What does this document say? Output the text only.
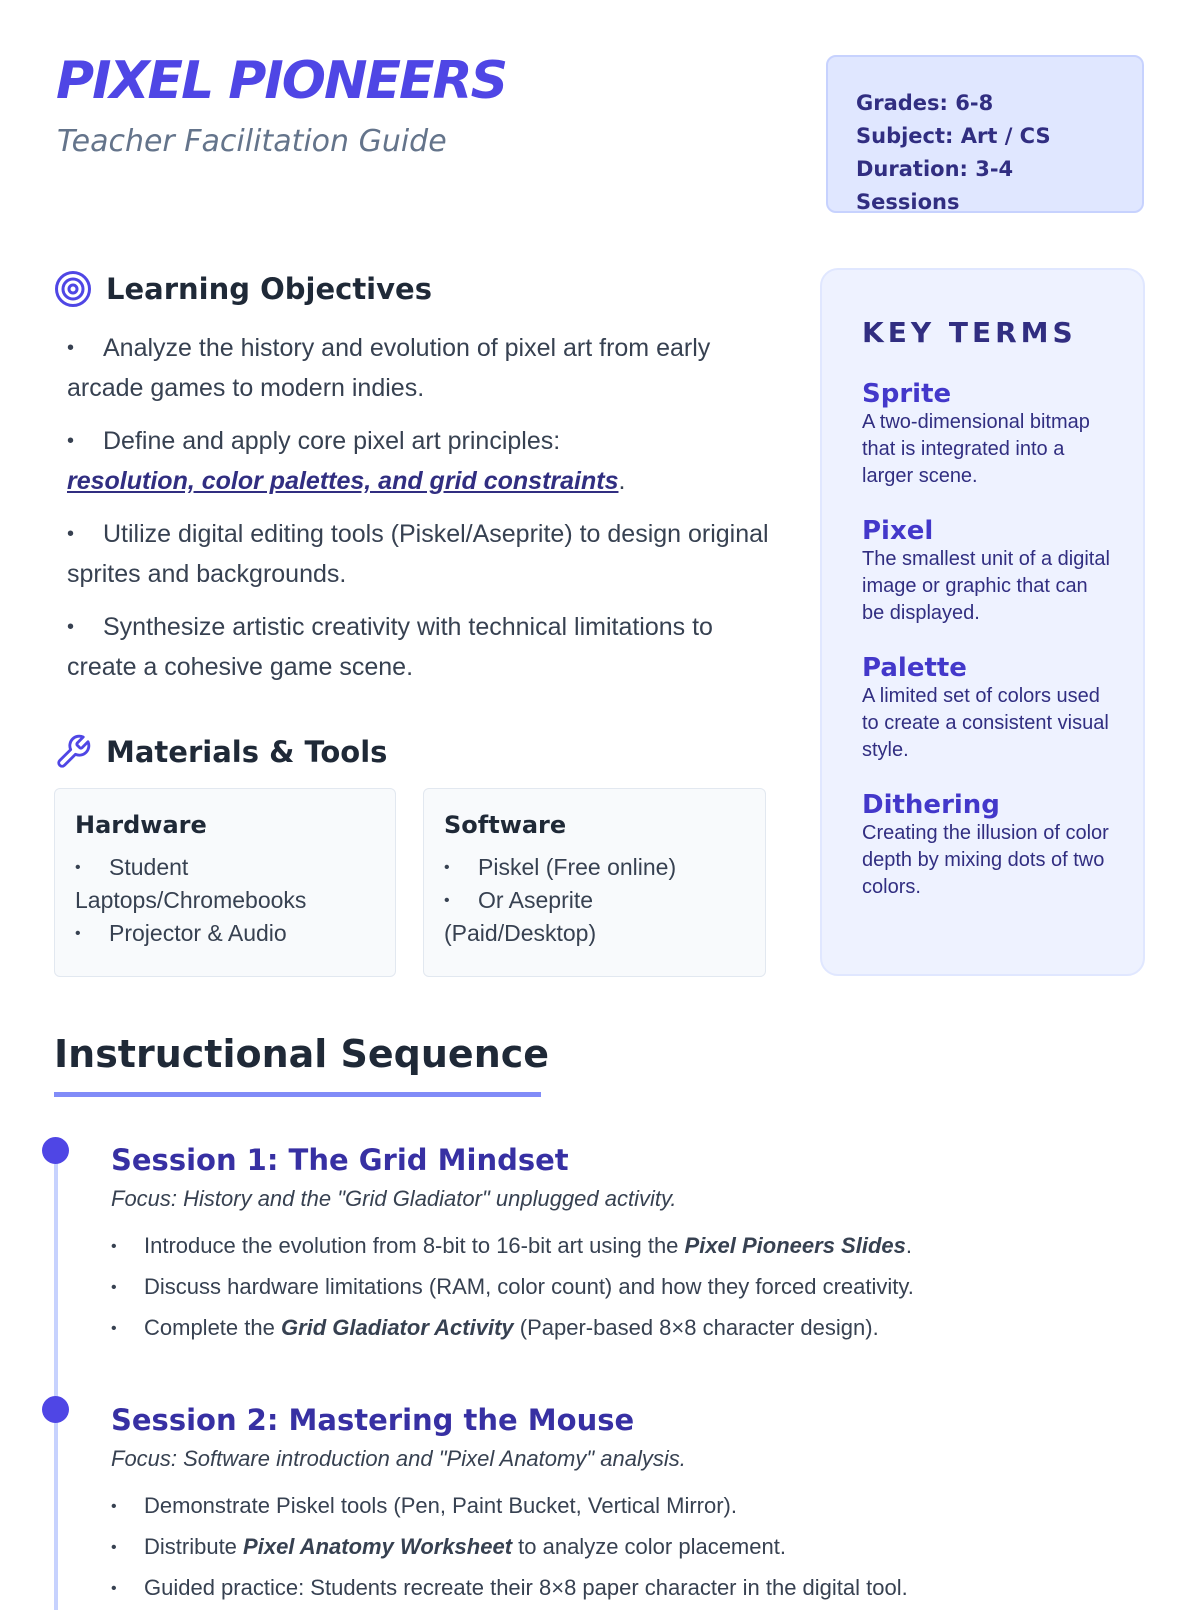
PIXEL PIONEERS
Teacher Facilitation Guide
Grades: 6-8
Subject: Art / CS
Duration: 3-4 Sessions
Learning Objectives
• Analyze the history and evolution of pixel art from early arcade games to modern indies.
• Define and apply core pixel art principles:
resolution, color palettes, and grid constraints.
• Utilize digital editing tools (Piskel/Aseprite) to design original sprites and backgrounds.
• Synthesize artistic creativity with technical limitations to create a cohesive game scene.
Materials & Tools
Hardware
• Student Laptops/Chromebooks
• Projector & Audio
Software
• Piskel (Free online)
• Or Aseprite (Paid/Desktop)
KEY TERMS
Sprite
A two-dimensional bitmap that is integrated into a larger scene.
Pixel
The smallest unit of a digital image or graphic that can be displayed.
Palette
A limited set of colors used to create a consistent visual style.
Dithering
Creating the illusion of color depth by mixing dots of two colors.
Instructional Sequence
Session 1: The Grid Mindset
Focus: History and the "Grid Gladiator" unplugged activity.
• Introduce the evolution from 8-bit to 16-bit art using the Pixel Pioneers Slides.
• Discuss hardware limitations (RAM, color count) and how they forced creativity.
• Complete the Grid Gladiator Activity (Paper-based 8×8 character design).
Session 2: Mastering the Mouse
Focus: Software introduction and "Pixel Anatomy" analysis.
• Demonstrate Piskel tools (Pen, Paint Bucket, Vertical Mirror).
• Distribute Pixel Anatomy Worksheet to analyze color placement.
• Guided practice: Students recreate their 8×8 paper character in the digital tool.
